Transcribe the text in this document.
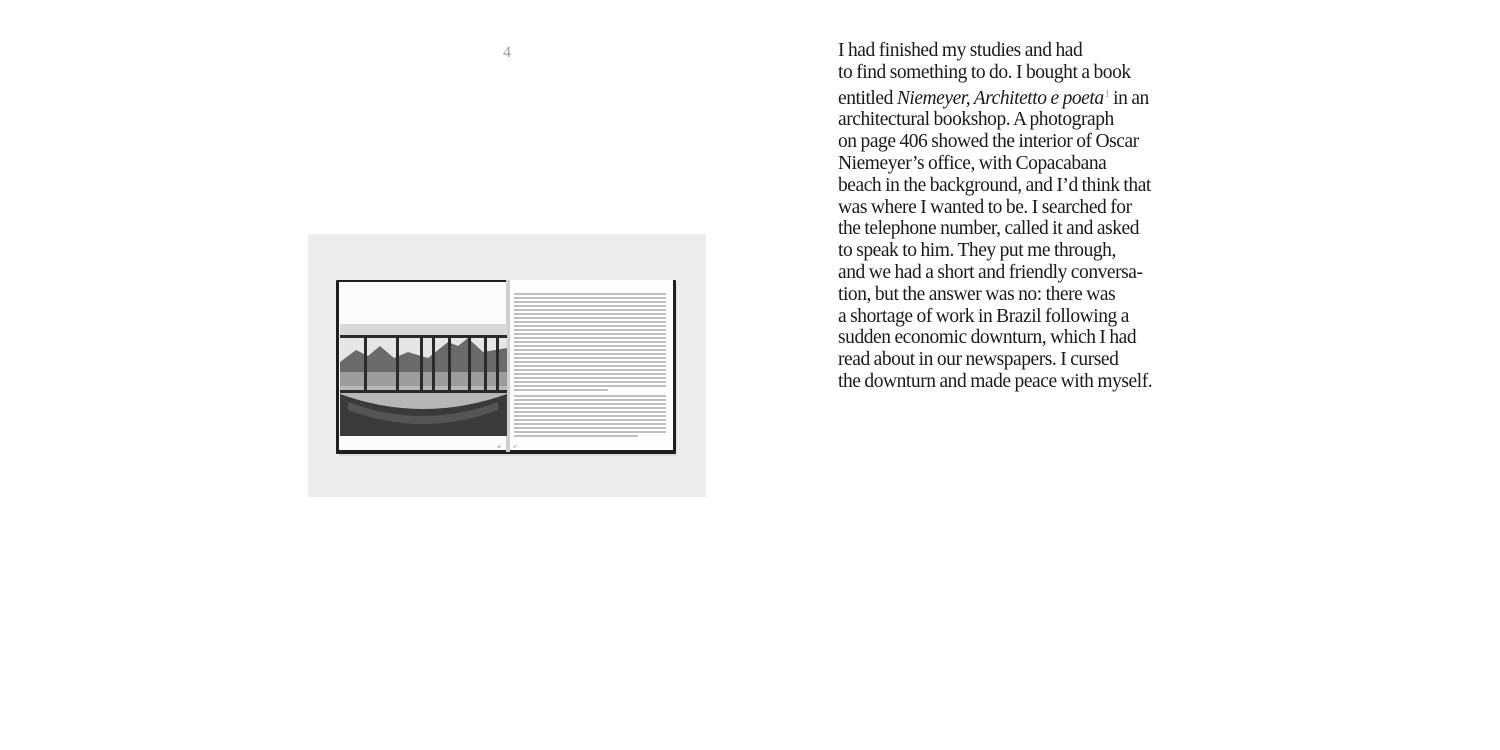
4
46	47
I had finished my studies and had
to find something to do. I bought a book
entitled Niemeyer, Architetto e poeta$^1$ in an
architectural bookshop. A photograph
on page 406 showed the interior of Oscar
Niemeyer’s office, with Copacabana
beach in the background, and I’d think that
was where I wanted to be. I searched for
the telephone number, called it and asked
to speak to him. They put me through,
and we had a short and friendly conversa-
tion, but the answer was no: there was
a shortage of work in Brazil following a
sudden economic downturn, which I had
read about in our newspapers. I cursed
the downturn and made peace with myself.
